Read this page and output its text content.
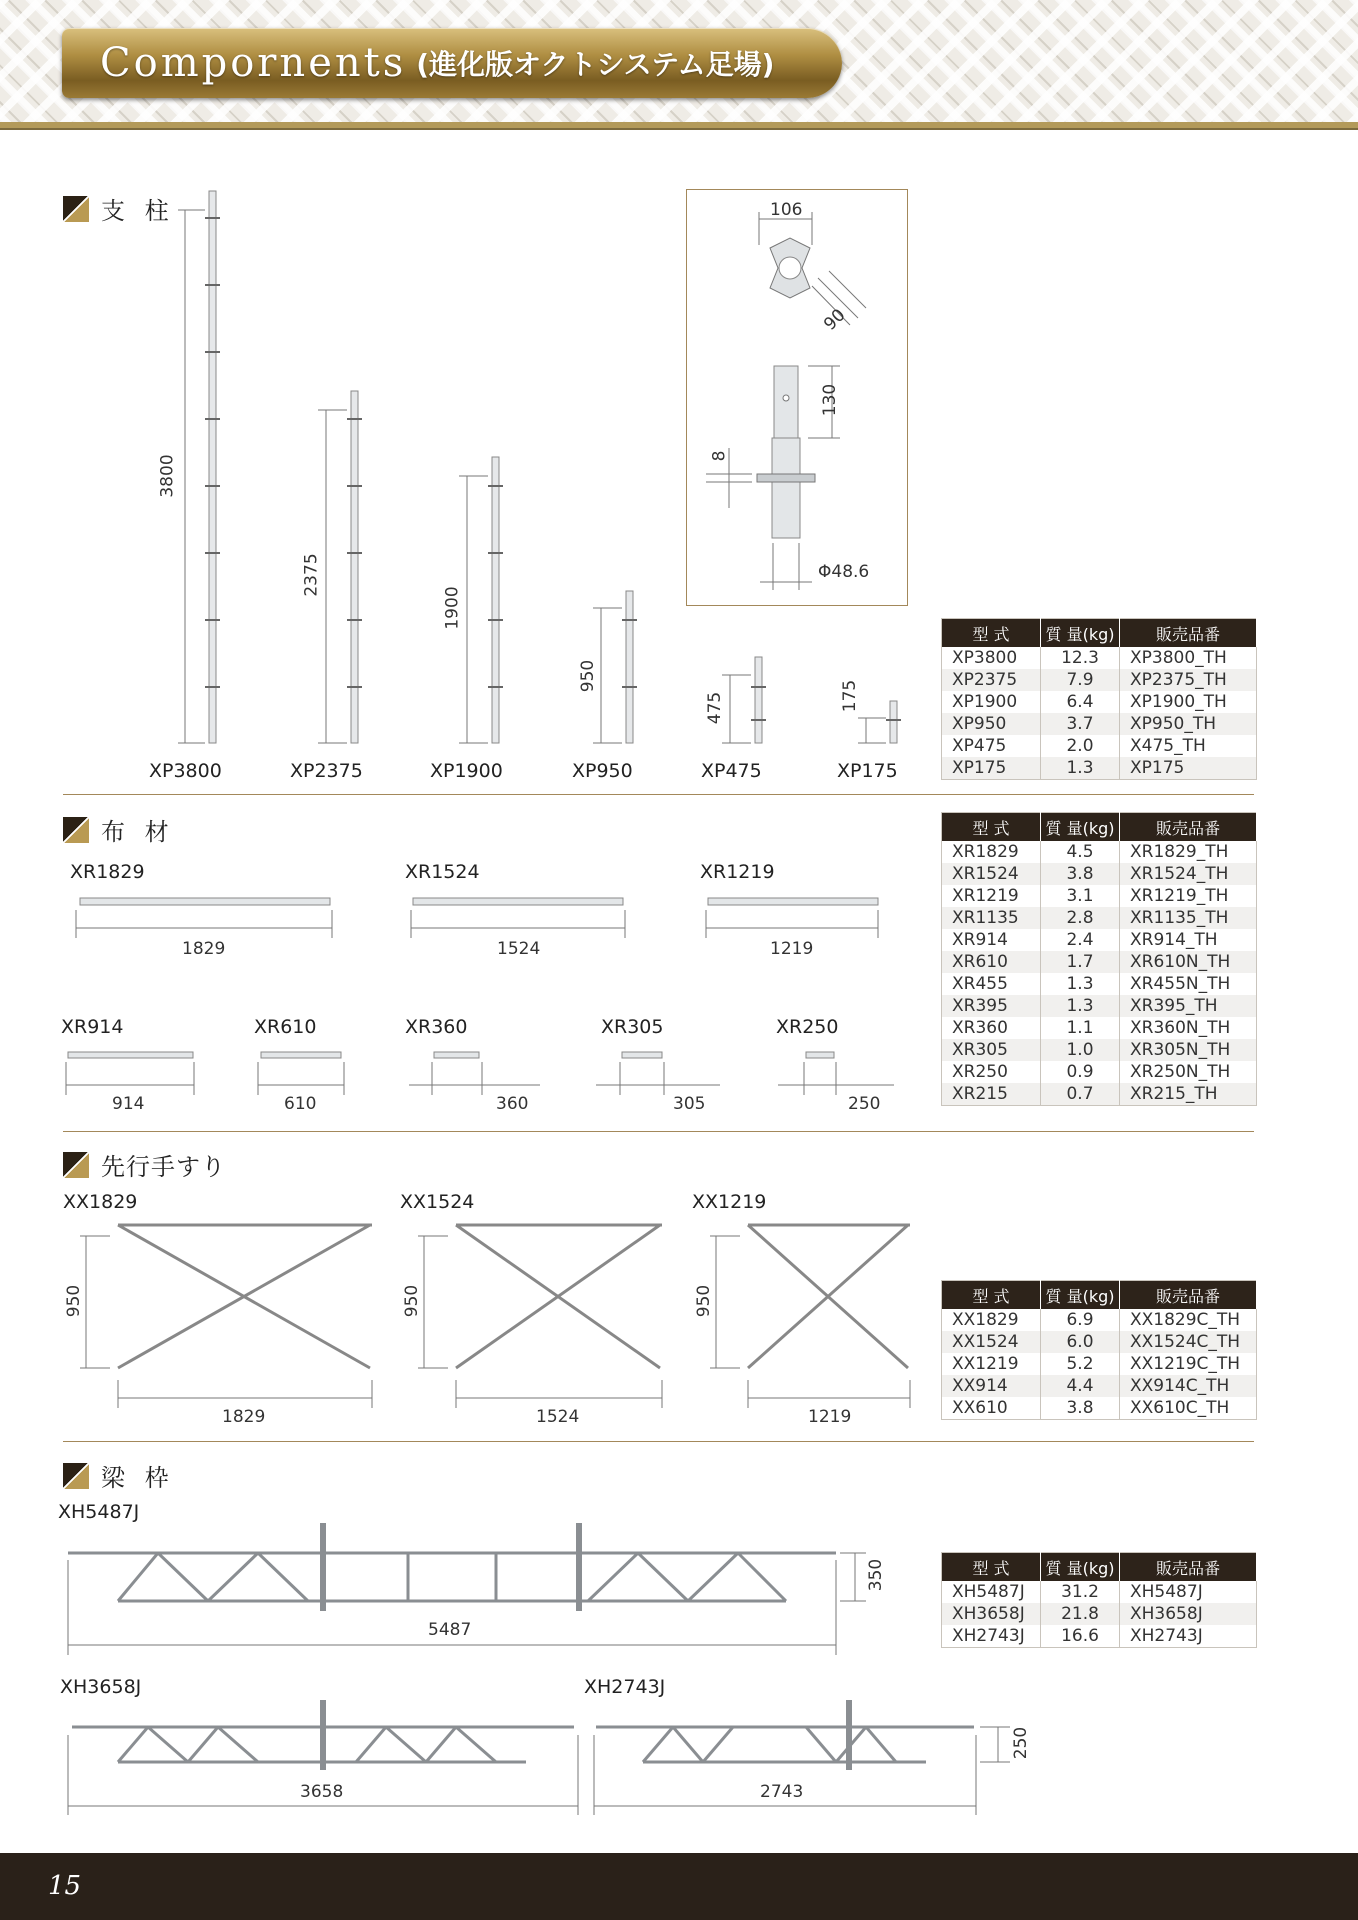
Compornents (進化版オクトシステム足場)
支 柱
3800
2375
1900
950
475	175
XP3800	XP2375	XP1900	XP950	XP475	XP175
106
90
130
8
Φ48.6
型 式	質 量(kg)	販売品番
XP3800	12.3	XP3800_TH
XP2375	7.9	XP2375_TH
XP1900	6.4	XP1900_TH
XP950	3.7	XP950_TH
XP475	2.0	X475_TH
XP175	1.3	XP175
布 材
XR1829	XR1524	XR1219
1829	1524	1219
XR914	XR610	XR360	XR305	XR250
914	610	360	305	250
型 式	質 量(kg)	販売品番
XR1829	4.5	XR1829_TH
XR1524	3.8	XR1524_TH
XR1219	3.1	XR1219_TH
XR1135	2.8	XR1135_TH
XR914	2.4	XR914_TH
XR610	1.7	XR610N_TH
XR455	1.3	XR455N_TH
XR395	1.3	XR395_TH
XR360	1.1	XR360N_TH
XR305	1.0	XR305N_TH
XR250	0.9	XR250N_TH
XR215	0.7	XR215_TH
先行手すり
XX1829	XX1524	XX1219
950	950	950
1829	1524	1219
型 式	質 量(kg)	販売品番
XX1829	6.9	XX1829C_TH
XX1524	6.0	XX1524C_TH
XX1219	5.2	XX1219C_TH
XX914	4.4	XX914C_TH
XX610	3.8	XX610C_TH
梁 枠
XH5487J
350
5487
XH3658J	XH2743J
3658	2743
250
型 式	質 量(kg)	販売品番
XH5487J	31.2	XH5487J
XH3658J	21.8	XH3658J
XH2743J	16.6	XH2743J
15
